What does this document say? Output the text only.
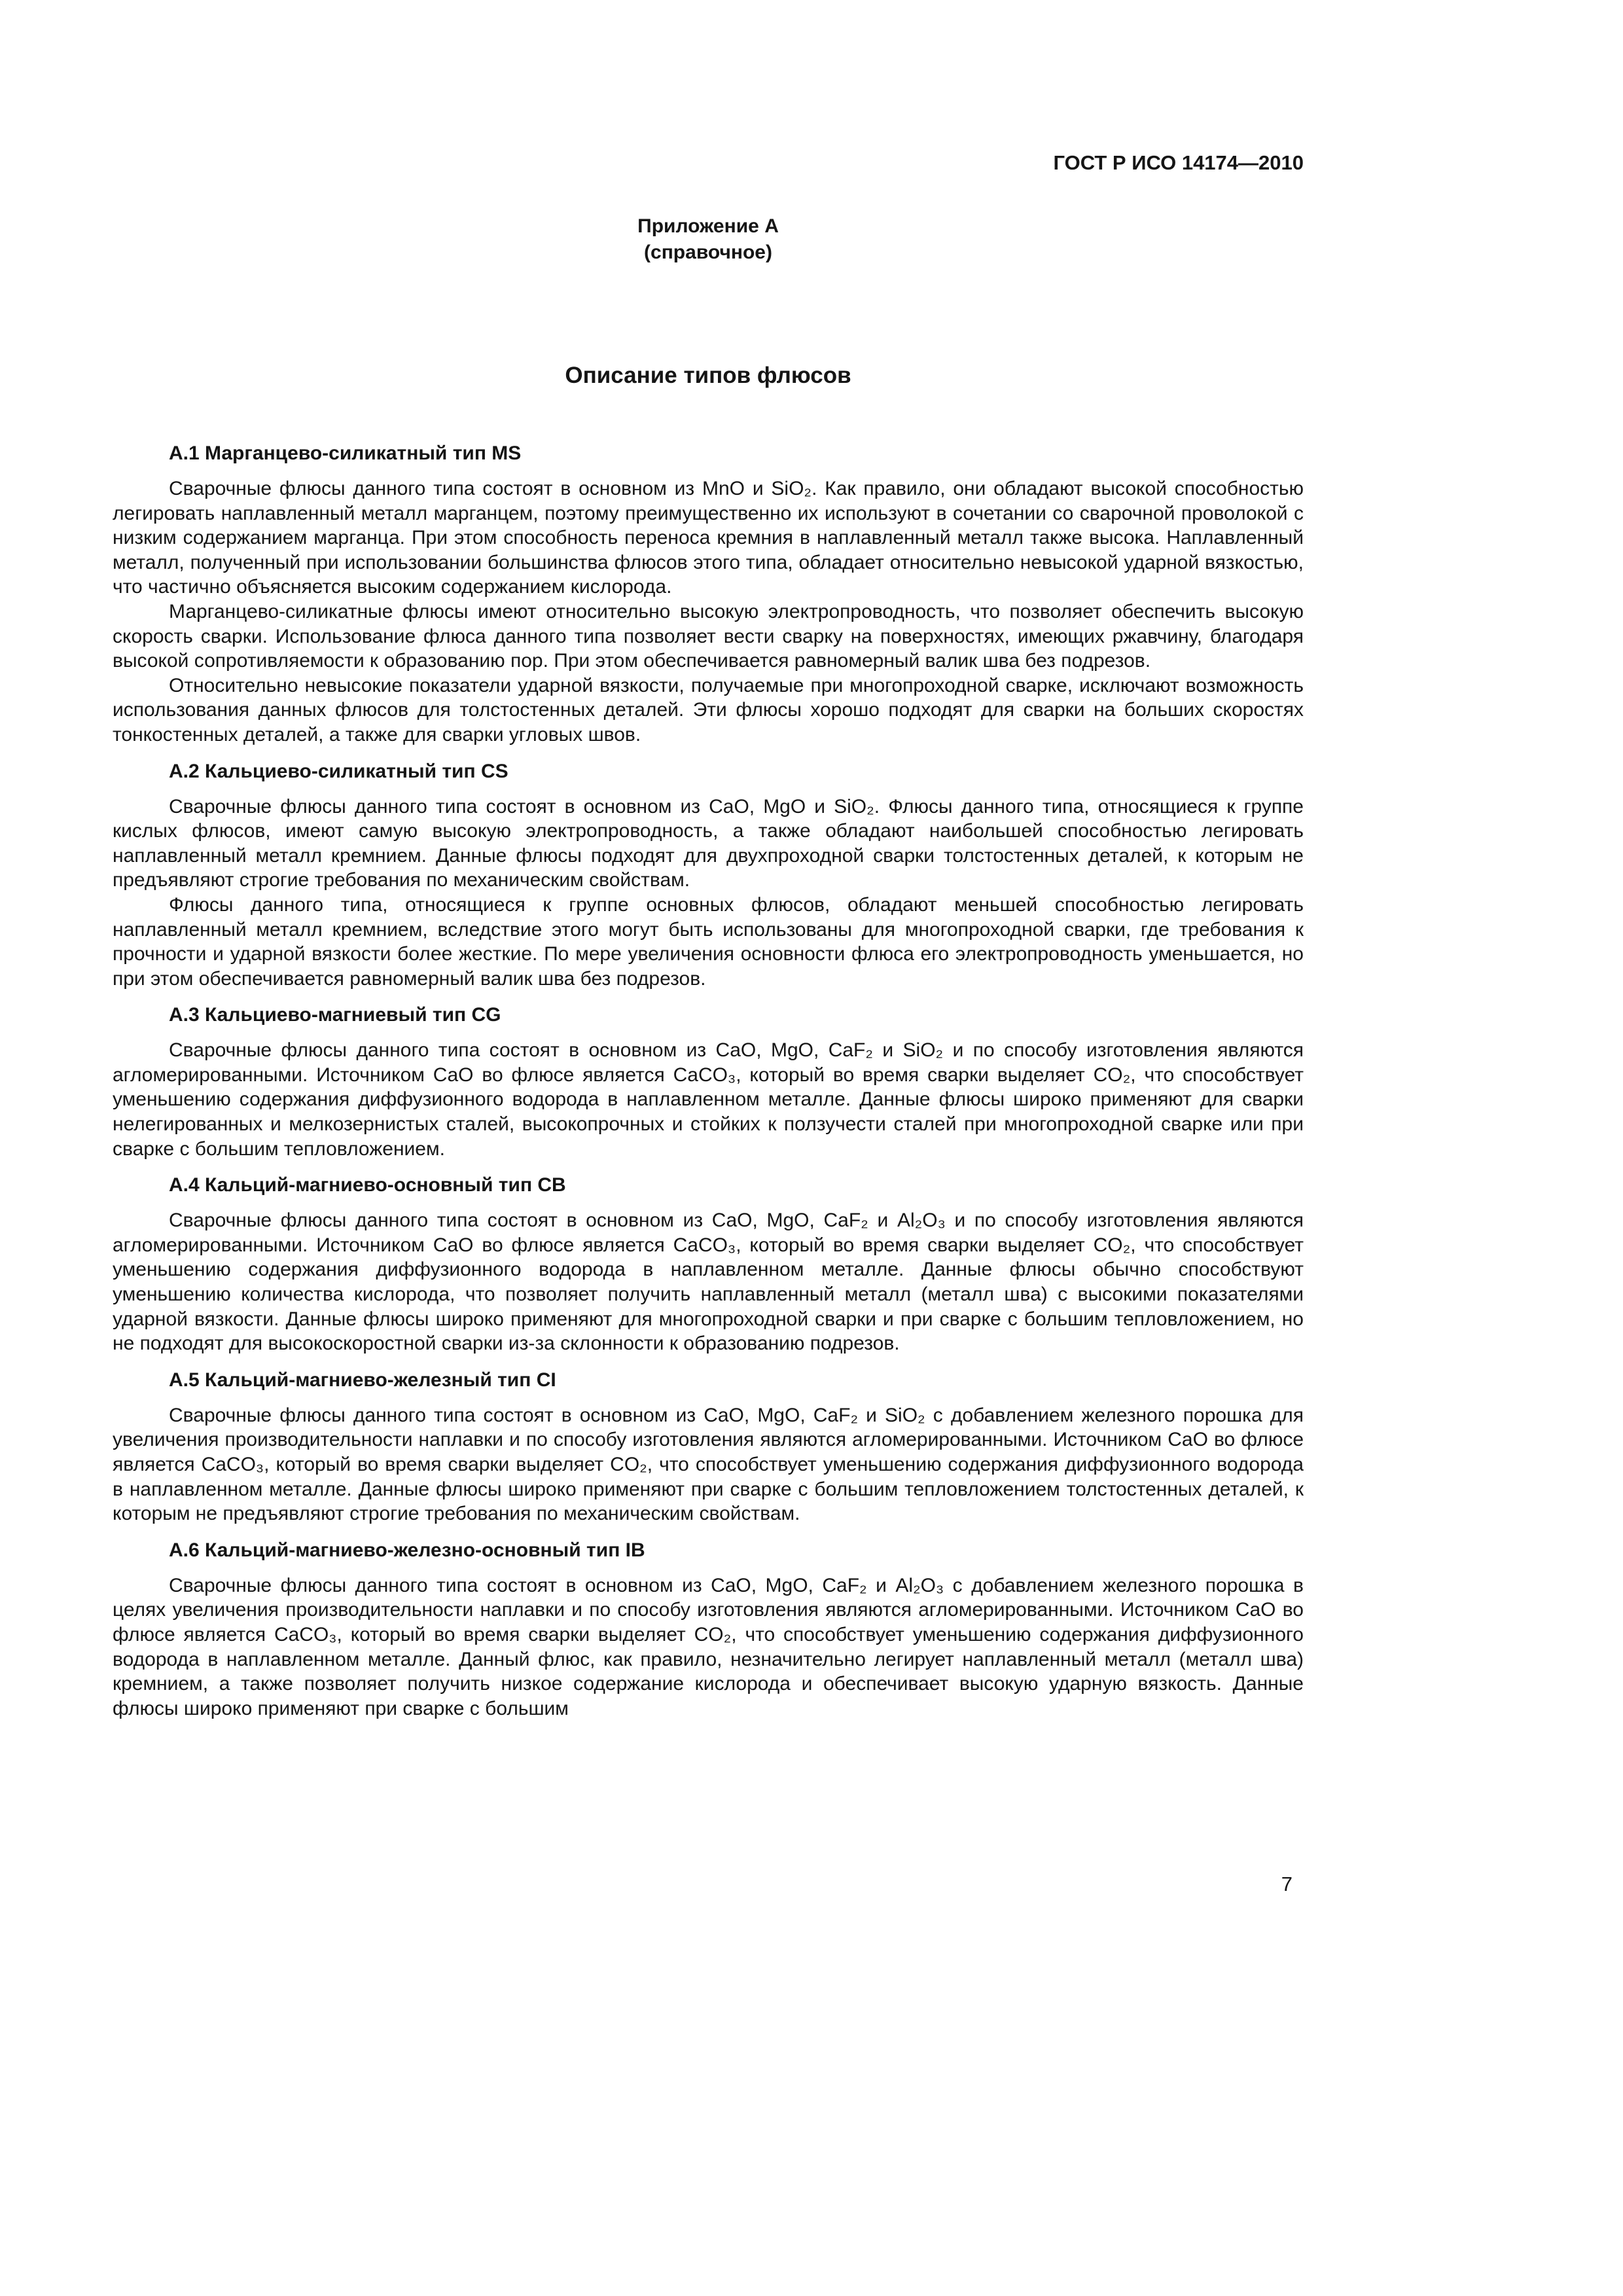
ГОСТ Р ИСО 14174—2010
Приложение А
(справочное)
Описание типов флюсов
А.1 Марганцево-силикатный тип MS

Сварочные флюсы данного типа состоят в основном из MnO и SiO₂. Как правило, они обладают высокой способностью легировать наплавленный металл марганцем, поэтому преимущественно их используют в сочетании со сварочной проволокой с низким содержанием марганца. При этом способность переноса кремния в наплавленный металл также высока. Наплавленный металл, полученный при использовании большинства флюсов этого типа, обладает относительно невысокой ударной вязкостью, что частично объясняется высоким содержанием кислорода.

Марганцево-силикатные флюсы имеют относительно высокую электропроводность, что позволяет обеспечить высокую скорость сварки. Использование флюса данного типа позволяет вести сварку на поверхностях, имеющих ржавчину, благодаря высокой сопротивляемости к образованию пор. При этом обеспечивается равномерный валик шва без подрезов.

Относительно невысокие показатели ударной вязкости, получаемые при многопроходной сварке, исключают возможность использования данных флюсов для толстостенных деталей. Эти флюсы хорошо подходят для сварки на больших скоростях тонкостенных деталей, а также для сварки угловых швов.

А.2 Кальциево-силикатный тип CS

Сварочные флюсы данного типа состоят в основном из CaO, MgO и SiO₂. Флюсы данного типа, относящиеся к группе кислых флюсов, имеют самую высокую электропроводность, а также обладают наибольшей способностью легировать наплавленный металл кремнием. Данные флюсы подходят для двухпроходной сварки толстостенных деталей, к которым не предъявляют строгие требования по механическим свойствам.

Флюсы данного типа, относящиеся к группе основных флюсов, обладают меньшей способностью легировать наплавленный металл кремнием, вследствие этого могут быть использованы для многопроходной сварки, где требования к прочности и ударной вязкости более жесткие. По мере увеличения основности флюса его электропроводность уменьшается, но при этом обеспечивается равномерный валик шва без подрезов.

А.3 Кальциево-магниевый тип CG

Сварочные флюсы данного типа состоят в основном из CaO, MgO, CaF₂ и SiO₂ и по способу изготовления являются агломерированными. Источником CaO во флюсе является CaCO₃, который во время сварки выделяет CO₂, что способствует уменьшению содержания диффузионного водорода в наплавленном металле. Данные флюсы широко применяют для сварки нелегированных и мелкозернистых сталей, высокопрочных и стойких к ползучести сталей при многопроходной сварке или при сварке с большим тепловложением.

А.4 Кальций-магниево-основный тип CB

Сварочные флюсы данного типа состоят в основном из CaO, MgO, CaF₂ и Al₂O₃ и по способу изготовления являются агломерированными. Источником CaO во флюсе является CaCO₃, который во время сварки выделяет CO₂, что способствует уменьшению содержания диффузионного водорода в наплавленном металле. Данные флюсы обычно способствуют уменьшению количества кислорода, что позволяет получить наплавленный металл (металл шва) с высокими показателями ударной вязкости. Данные флюсы широко применяют для многопроходной сварки и при сварке с большим тепловложением, но не подходят для высокоскоростной сварки из-за склонности к образованию подрезов.

А.5 Кальций-магниево-железный тип CI

Сварочные флюсы данного типа состоят в основном из CaO, MgO, CaF₂ и SiO₂ с добавлением железного порошка для увеличения производительности наплавки и по способу изготовления являются агломерированными. Источником CaO во флюсе является CaCO₃, который во время сварки выделяет CO₂, что способствует уменьшению содержания диффузионного водорода в наплавленном металле. Данные флюсы широко применяют при сварке с большим тепловложением толстостенных деталей, к которым не предъявляют строгие требования по механическим свойствам.

А.6 Кальций-магниево-железно-основный тип IB

Сварочные флюсы данного типа состоят в основном из CaO, MgO, CaF₂ и Al₂O₃ с добавлением железного порошка в целях увеличения производительности наплавки и по способу изготовления являются агломерированными. Источником CaO во флюсе является CaCO₃, который во время сварки выделяет CO₂, что способствует уменьшению содержания диффузионного водорода в наплавленном металле. Данный флюс, как правило, незначительно легирует наплавленный металл (металл шва) кремнием, а также позволяет получить низкое содержание кислорода и обеспечивает высокую ударную вязкость. Данные флюсы широко применяют при сварке с большим

7
